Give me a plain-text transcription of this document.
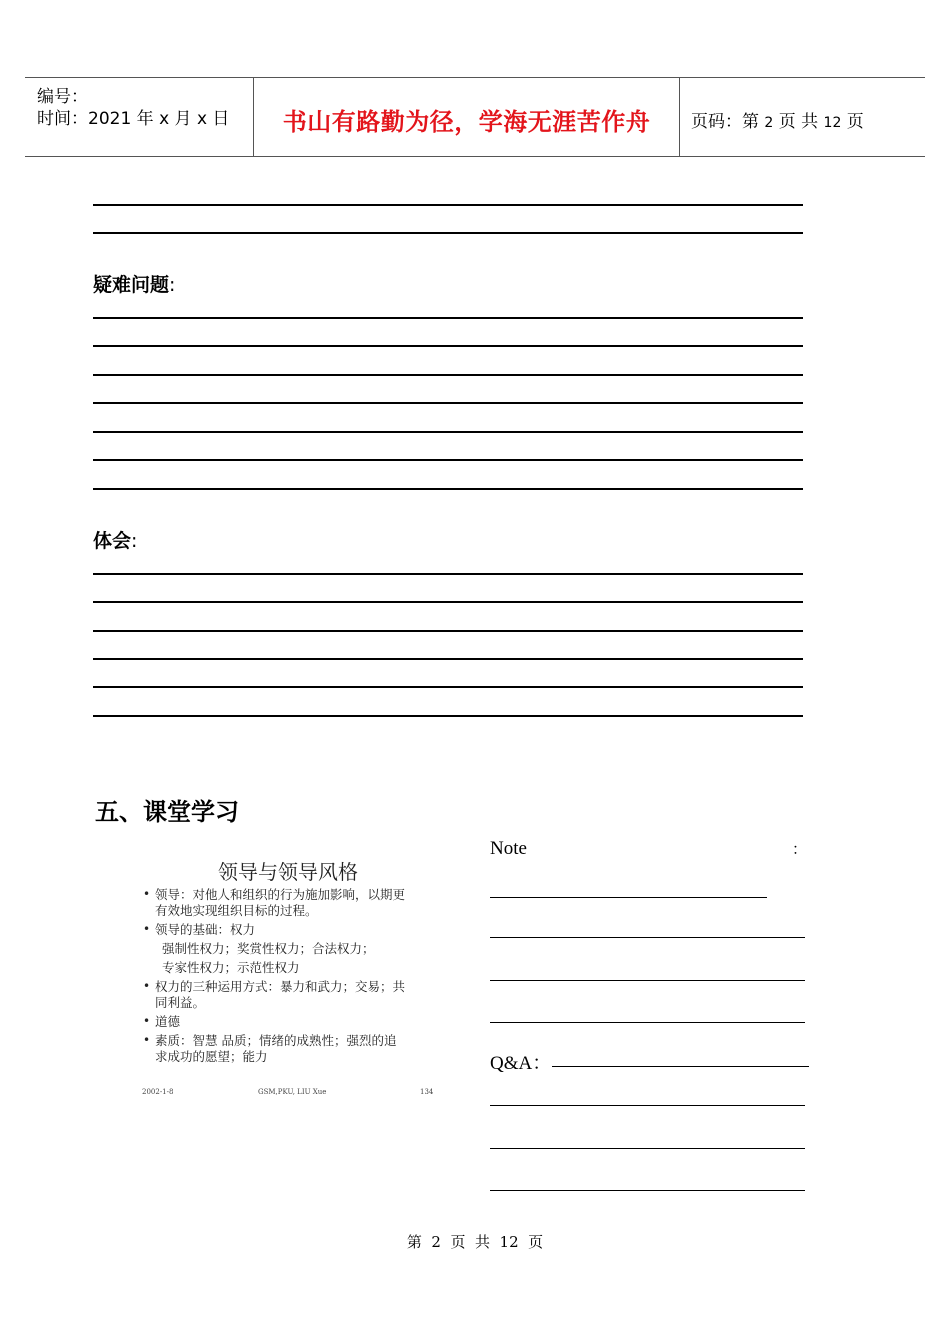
编号：
时间：2021 年 x 月 x 日	书山有路勤为径，学海无涯苦作舟	页码：第 2 页 共 12 页
疑难问题:
体会:
五、课堂学习
领导与领导风格
• 领导：对他人和组织的行为施加影响，以期更
有效地实现组织目标的过程。
• 领导的基础：权力
强制性权力；奖赏性权力；合法权力；
专家性权力；示范性权力
• 权力的三种运用方式：暴力和武力；交易；共
同利益。
• 道德
• 素质：智慧 品质；情绪的成熟性；强烈的追
求成功的愿望；能力
2002-1-8	GSM,PKU, LIU Xue	134
Note	：
Q&A：
第  2  页  共  12  页
